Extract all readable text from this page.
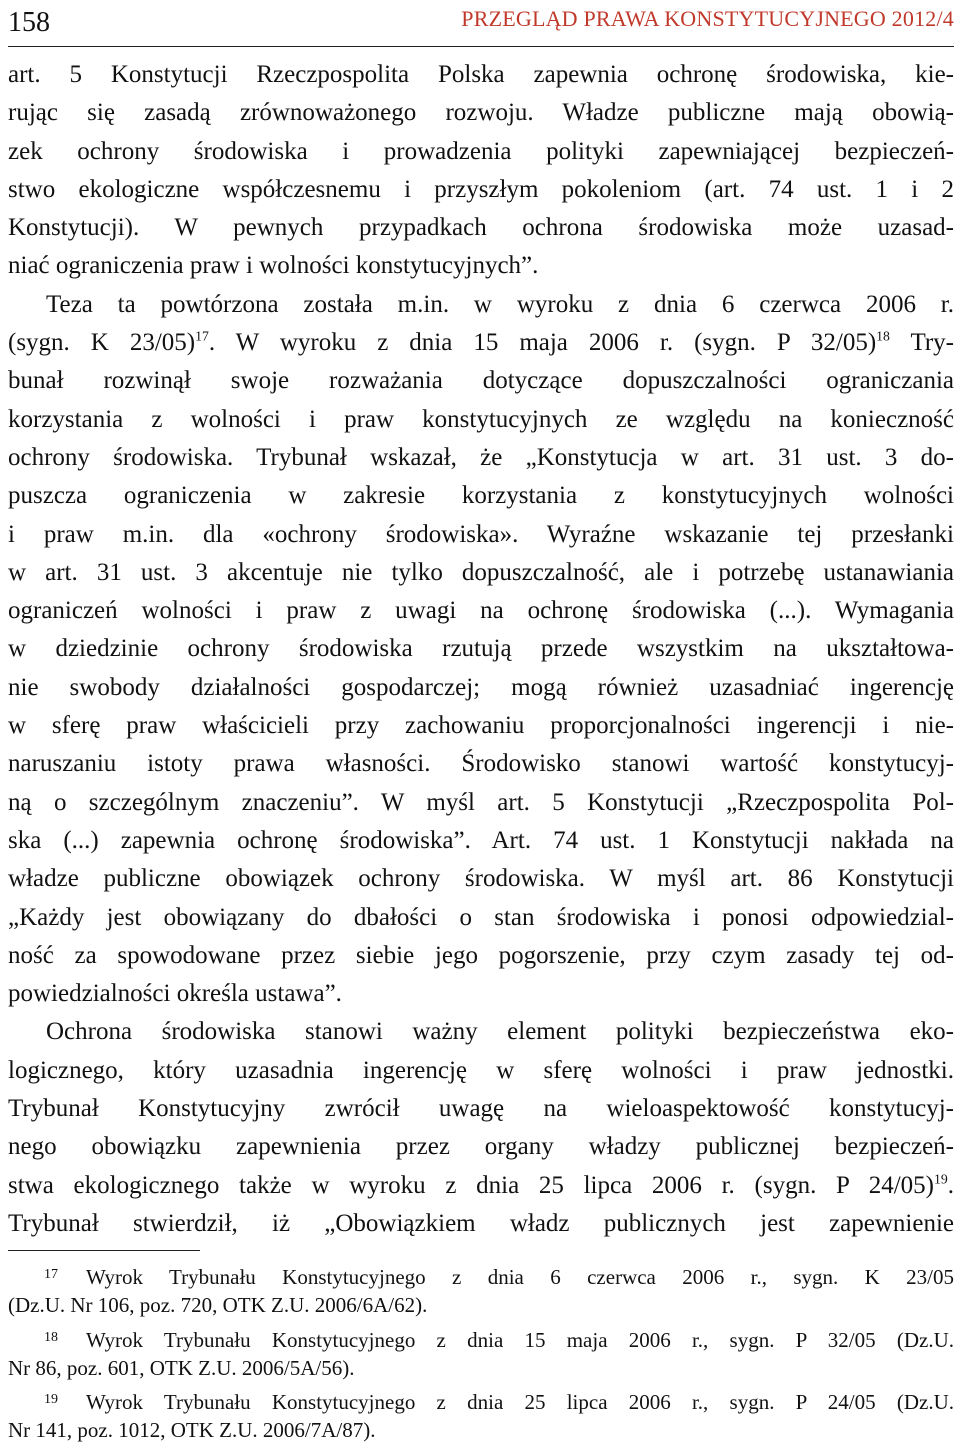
158	PRZEGLĄD PRAWA KONSTYTUCYJNEGO 2012/4
art. 5 Konstytucji Rzeczpospolita Polska zapewnia ochronę środowiska, kie-
rując się zasadą zrównoważonego rozwoju. Władze publiczne mają obowią-
zek ochrony środowiska i prowadzenia polityki zapewniającej bezpieczeń-
stwo ekologiczne współczesnemu i przyszłym pokoleniom (art. 74 ust. 1 i 2
Konstytucji). W pewnych przypadkach ochrona środowiska może uzasad-
niać ograniczenia praw i wolności konstytucyjnych”.
Teza ta powtórzona została m.in. w wyroku z dnia 6 czerwca 2006 r.
(sygn. K 23/05)$^{17}$. W wyroku z dnia 15 maja 2006 r. (sygn. P 32/05)$^{18}$ Try-
bunał rozwinął swoje rozważania dotyczące dopuszczalności ograniczania
korzystania z wolności i praw konstytucyjnych ze względu na konieczność
ochrony środowiska. Trybunał wskazał, że „Konstytucja w art. 31 ust. 3 do-
puszcza ograniczenia w zakresie korzystania z konstytucyjnych wolności
i praw m.in. dla «ochrony środowiska». Wyraźne wskazanie tej przesłanki
w art. 31 ust. 3 akcentuje nie tylko dopuszczalność, ale i potrzebę ustanawiania
ograniczeń wolności i praw z uwagi na ochronę środowiska (...). Wymagania
w dziedzinie ochrony środowiska rzutują przede wszystkim na ukształtowa-
nie swobody działalności gospodarczej; mogą również uzasadniać ingerencję
w sferę praw właścicieli przy zachowaniu proporcjonalności ingerencji i nie-
naruszaniu istoty prawa własności. Środowisko stanowi wartość konstytucyj-
ną o szczególnym znaczeniu”. W myśl art. 5 Konstytucji „Rzeczpospolita Pol-
ska (...) zapewnia ochronę środowiska”. Art. 74 ust. 1 Konstytucji nakłada na
władze publiczne obowiązek ochrony środowiska. W myśl art. 86 Konstytucji
„Każdy jest obowiązany do dbałości o stan środowiska i ponosi odpowiedzial-
ność za spowodowane przez siebie jego pogorszenie, przy czym zasady tej od-
powiedzialności określa ustawa”.
Ochrona środowiska stanowi ważny element polityki bezpieczeństwa eko-
logicznego, który uzasadnia ingerencję w sferę wolności i praw jednostki.
Trybunał Konstytucyjny zwrócił uwagę na wieloaspektowość konstytucyj-
nego obowiązku zapewnienia przez organy władzy publicznej bezpieczeń-
stwa ekologicznego także w wyroku z dnia 25 lipca 2006 r. (sygn. P 24/05)$^{19}$.
Trybunał stwierdził, iż „Obowiązkiem władz publicznych jest zapewnienie
17 Wyrok Trybunału Konstytucyjnego z dnia 6 czerwca 2006 r., sygn. K 23/05
(Dz.U. Nr 106, poz. 720, OTK Z.U. 2006/6A/62).
18 Wyrok Trybunału Konstytucyjnego z dnia 15 maja 2006 r., sygn. P 32/05 (Dz.U.
Nr 86, poz. 601, OTK Z.U. 2006/5A/56).
19 Wyrok Trybunału Konstytucyjnego z dnia 25 lipca 2006 r., sygn. P 24/05 (Dz.U.
Nr 141, poz. 1012, OTK Z.U. 2006/7A/87).
